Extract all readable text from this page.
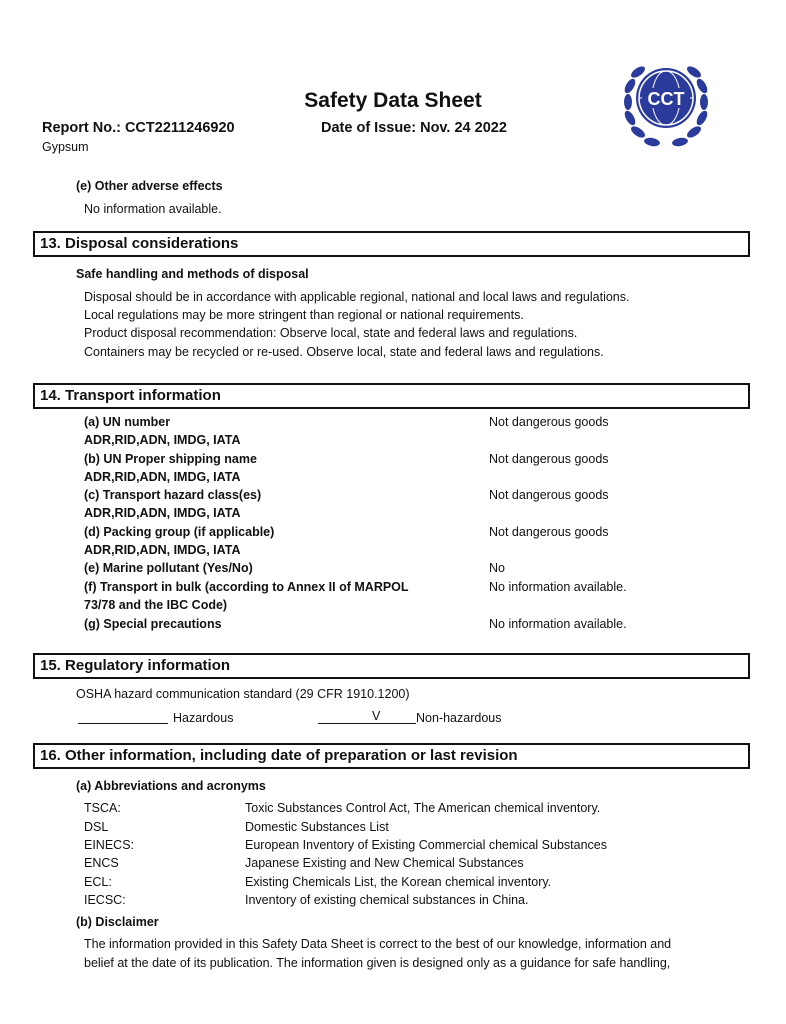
Safety Data Sheet
Report No.: CCT2211246920	Date of Issue: Nov. 24 2022
Gypsum
CCT
(e) Other adverse effects
No information available.
13. Disposal considerations
Safe handling and methods of disposal
Disposal should be in accordance with applicable regional, national and local laws and regulations.
Local regulations may be more stringent than regional or national requirements.
Product disposal recommendation: Observe local, state and federal laws and regulations.
Containers may be recycled or re-used. Observe local, state and federal laws and regulations.
14. Transport information
(a) UN number	Not dangerous goods
ADR,RID,ADN, IMDG, IATA
(b) UN Proper shipping name	Not dangerous goods
ADR,RID,ADN, IMDG, IATA
(c) Transport hazard class(es)	Not dangerous goods
ADR,RID,ADN, IMDG, IATA
(d) Packing group (if applicable)	Not dangerous goods
ADR,RID,ADN, IMDG, IATA
(e) Marine pollutant (Yes/No)	No
(f) Transport in bulk (according to Annex II of MARPOL	No information available.
73/78 and the IBC Code)
(g) Special precautions	No information available.
15. Regulatory information
OSHA hazard communication standard (29 CFR 1910.1200)
Hazardous	V	Non-hazardous
16. Other information, including date of preparation or last revision
(a) Abbreviations and acronyms
TSCA:	Toxic Substances Control Act, The American chemical inventory.
DSL	Domestic Substances List
EINECS:	European Inventory of Existing Commercial chemical Substances
ENCS	Japanese Existing and New Chemical Substances
ECL:	Existing Chemicals List, the Korean chemical inventory.
IECSC:	Inventory of existing chemical substances in China.
(b) Disclaimer
The information provided in this Safety Data Sheet is correct to the best of our knowledge, information and
belief at the date of its publication. The information given is designed only as a guidance for safe handling,
